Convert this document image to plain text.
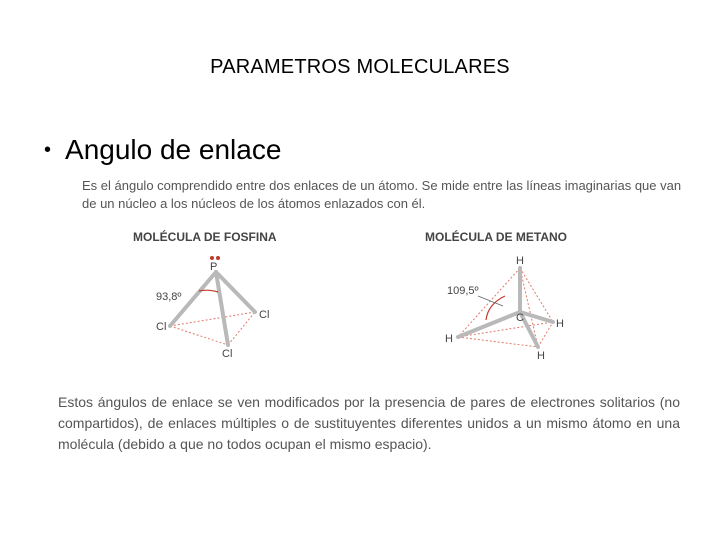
PARAMETROS MOLECULARES
• Angulo de enlace
Es el ángulo comprendido entre dos enlaces de un átomo. Se mide entre las líneas imaginarias que van de un núcleo a los núcleos de los átomos enlazados con él.
MOLÉCULA DE FOSFINA	MOLÉCULA DE METANO
P
93,8º
Cl
Cl
Cl
H
109,5º
C
H
H
H
Estos ángulos de enlace se ven modificados por la presencia de pares de electrones solitarios (no compartidos), de enlaces múltiples o de sustituyentes diferentes unidos a un mismo átomo en una molécula (debido a que no todos ocupan el mismo espacio).
